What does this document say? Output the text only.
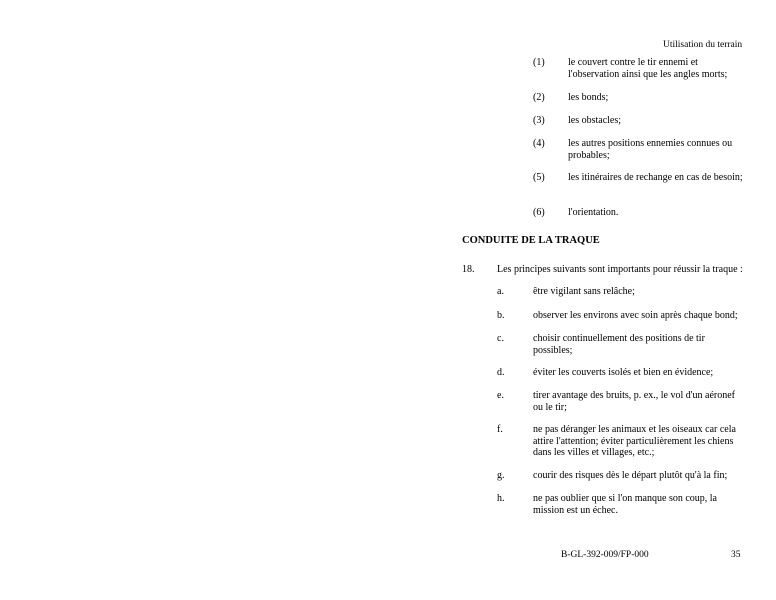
Utilisation du terrain
(1) le couvert contre le tir ennemi et
l'observation ainsi que les angles morts;
(2) les bonds;
(3) les obstacles;
(4) les autres positions ennemies connues ou
probables;
(5) les itinéraires de rechange en cas de besoin;
(6) l'orientation.
CONDUITE DE LA TRAQUE
18. Les principes suivants sont importants pour réussir la traque :
a.	être vigilant sans relâche;
b.	observer les environs avec soin après chaque bond;
c.	choisir continuellement des positions de tir
possibles;
d.	éviter les couverts isolés et bien en évidence;
e.	tirer avantage des bruits, p. ex., le vol d'un aéronef
ou le tir;
f.	ne pas déranger les animaux et les oiseaux car cela
attire l'attention; éviter particulièrement les chiens
dans les villes et villages, etc.;
g.	courir des risques dès le départ plutôt qu'à la fin;
h.	ne pas oublier que si l'on manque son coup, la
mission est un échec.
B-GL-392-009/FP-000	35
